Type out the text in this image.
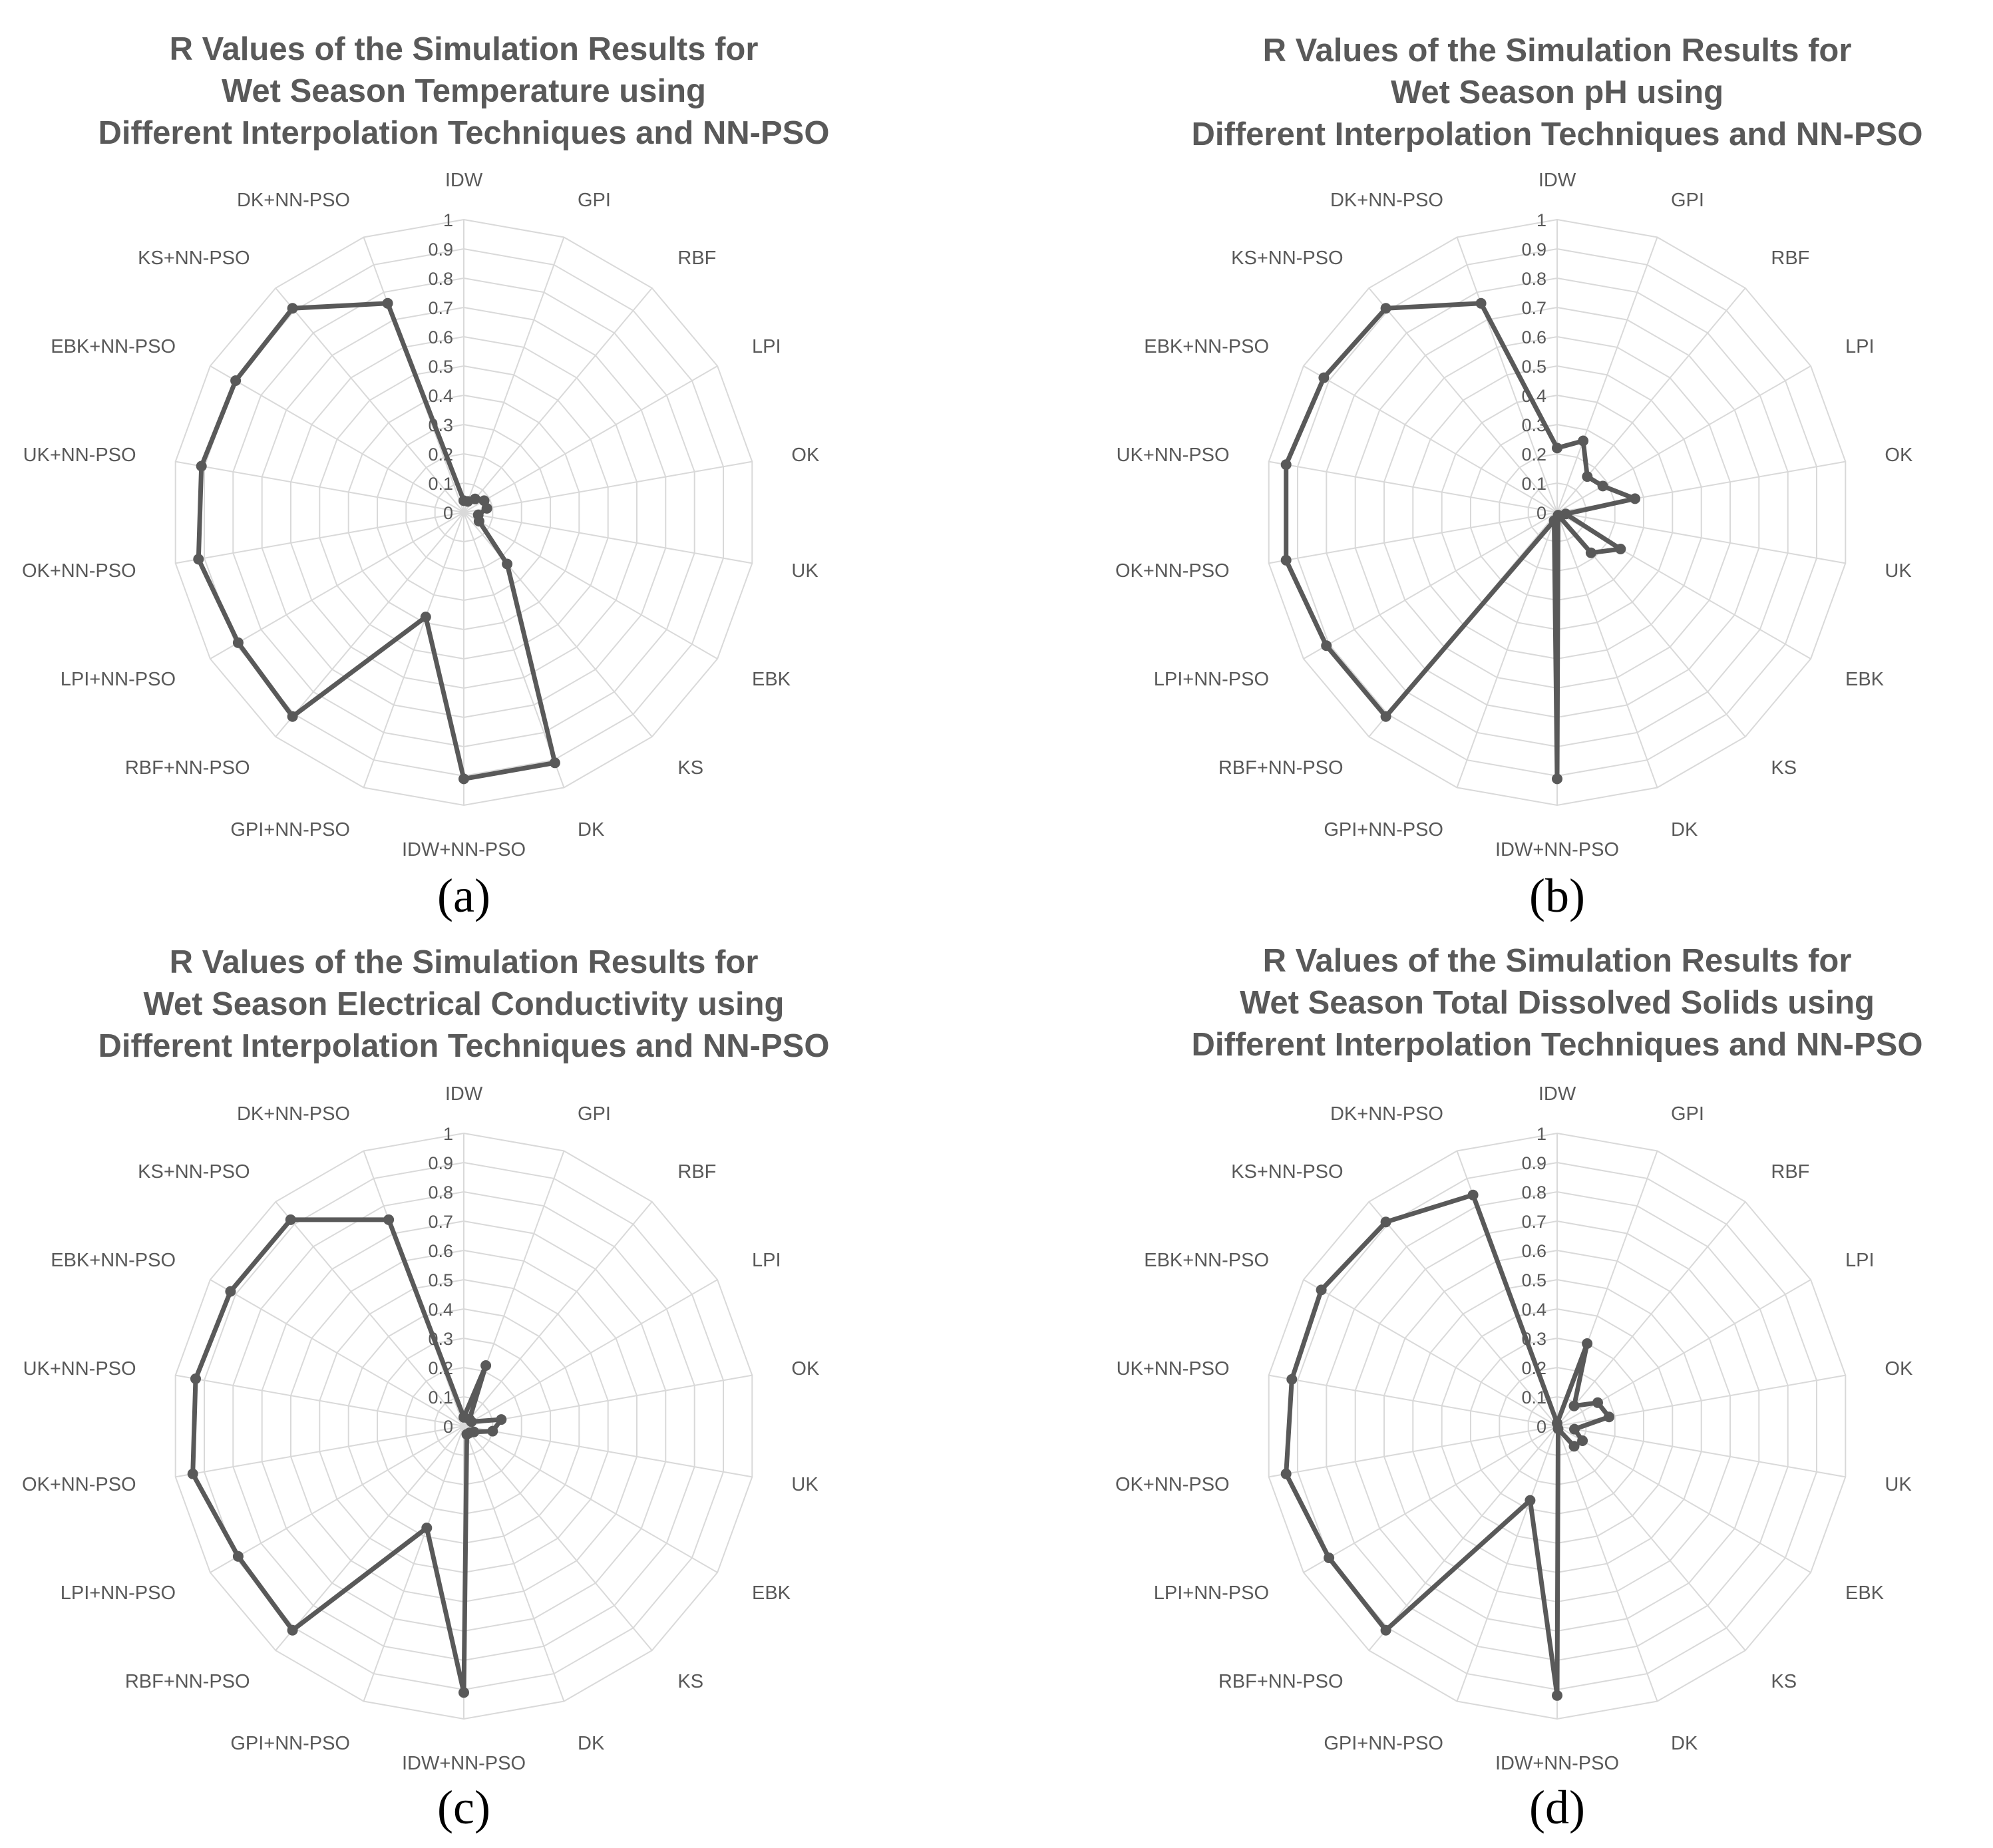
R Values of the Simulation Results for
Wet Season Temperature using
Different Interpolation Techniques and NN-PSO
0
0.1
0.2
0.3
0.4
0.5
0.6
0.7
0.8
0.9
1
IDW
GPI
RBF
LPI
OK
UK
EBK
KS
DK
IDW+NN-PSO
GPI+NN-PSO
RBF+NN-PSO
LPI+NN-PSO
OK+NN-PSO
UK+NN-PSO
EBK+NN-PSO
KS+NN-PSO
DK+NN-PSO
(a)
R Values of the Simulation Results for
Wet Season pH using
Different Interpolation Techniques and NN-PSO
0
0.1
0.2
0.3
0.4
0.5
0.6
0.7
0.8
0.9
1
IDW
GPI
RBF
LPI
OK
UK
EBK
KS
DK
IDW+NN-PSO
GPI+NN-PSO
RBF+NN-PSO
LPI+NN-PSO
OK+NN-PSO
UK+NN-PSO
EBK+NN-PSO
KS+NN-PSO
DK+NN-PSO
(b)
R Values of the Simulation Results for
Wet Season Electrical Conductivity using
Different Interpolation Techniques and NN-PSO
0
0.1
0.2
0.3
0.4
0.5
0.6
0.7
0.8
0.9
1
IDW
GPI
RBF
LPI
OK
UK
EBK
KS
DK
IDW+NN-PSO
GPI+NN-PSO
RBF+NN-PSO
LPI+NN-PSO
OK+NN-PSO
UK+NN-PSO
EBK+NN-PSO
KS+NN-PSO
DK+NN-PSO
(c)
R Values of the Simulation Results for
Wet Season Total Dissolved Solids using
Different Interpolation Techniques and NN-PSO
0
0.1
0.2
0.3
0.4
0.5
0.6
0.7
0.8
0.9
1
IDW
GPI
RBF
LPI
OK
UK
EBK
KS
DK
IDW+NN-PSO
GPI+NN-PSO
RBF+NN-PSO
LPI+NN-PSO
OK+NN-PSO
UK+NN-PSO
EBK+NN-PSO
KS+NN-PSO
DK+NN-PSO
(d)
